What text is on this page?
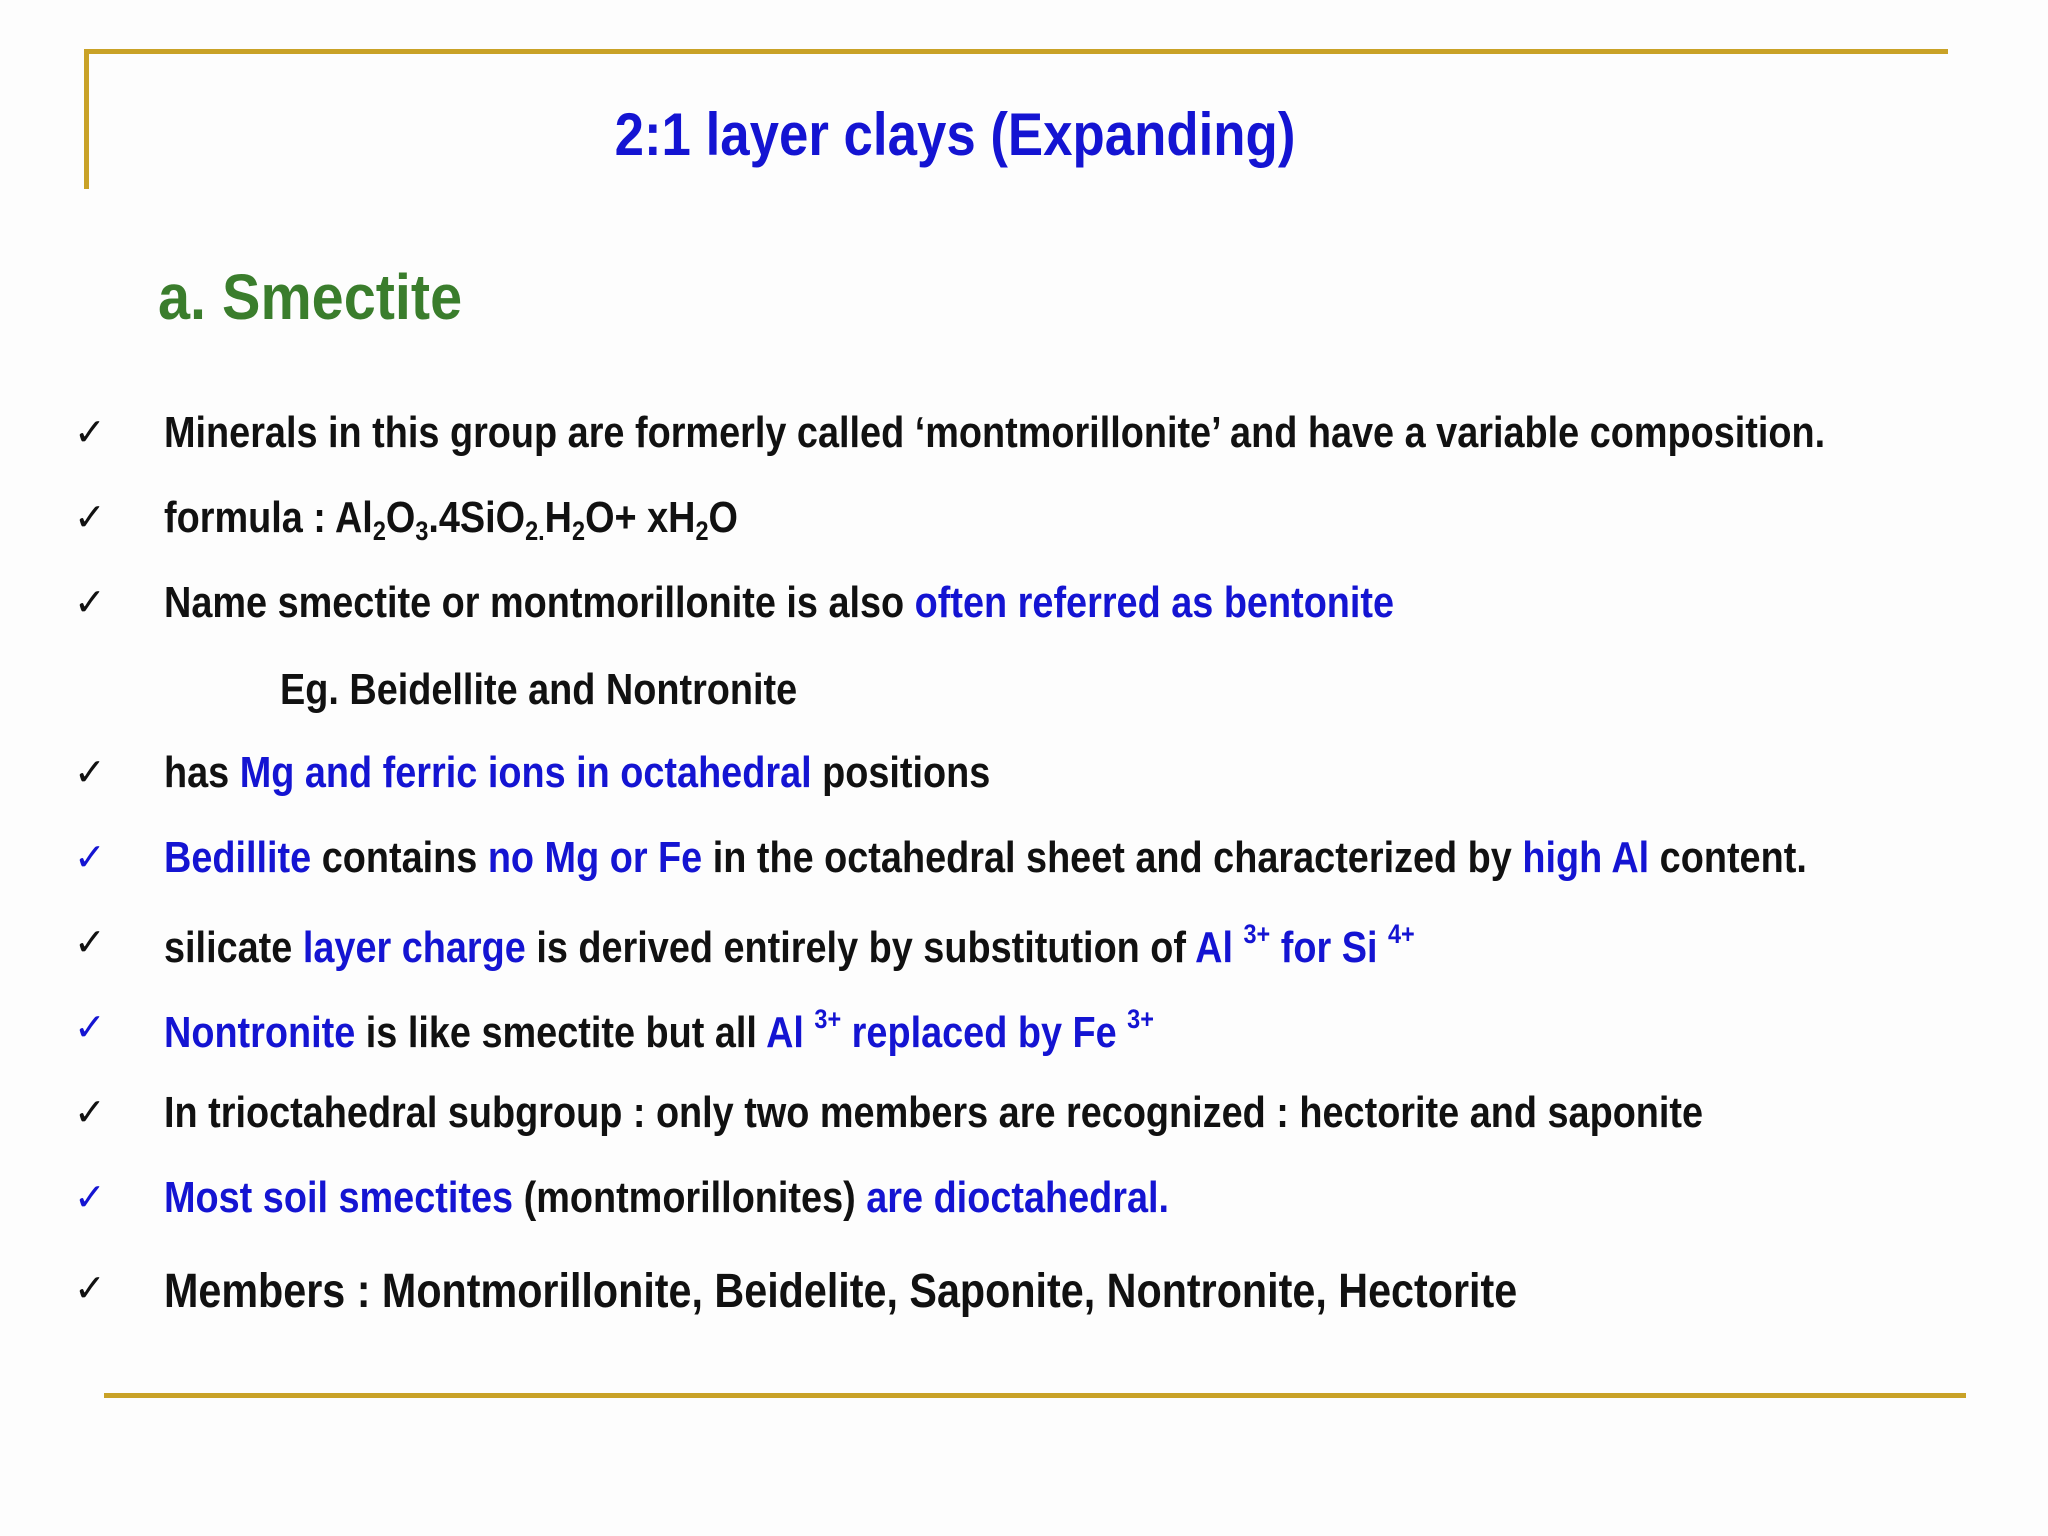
2:1 layer clays (Expanding)
a. Smectite
✓ Minerals in this group are formerly called ‘montmorillonite’ and have a variable composition.
✓ formula : $Al_2O_3.4SiO_{2.}H_2O+ xH_2O$
✓ Name smectite or montmorillonite is also often referred as bentonite
Eg. Beidellite and Nontronite
✓ has Mg and ferric ions in octahedral positions
✓ Bedillite contains no Mg or Fe in the octahedral sheet and characterized by high Al content.
✓ silicate layer charge is derived entirely by substitution of Al $^{3+}$ for Si $^{4+}$
✓ Nontronite is like smectite but all Al $^{3+}$ replaced by Fe $^{3+}$
✓ In trioctahedral subgroup : only two members are recognized : hectorite and saponite
✓ Most soil smectites (montmorillonites) are dioctahedral.
✓ Members : Montmorillonite, Beidelite, Saponite, Nontronite, Hectorite
